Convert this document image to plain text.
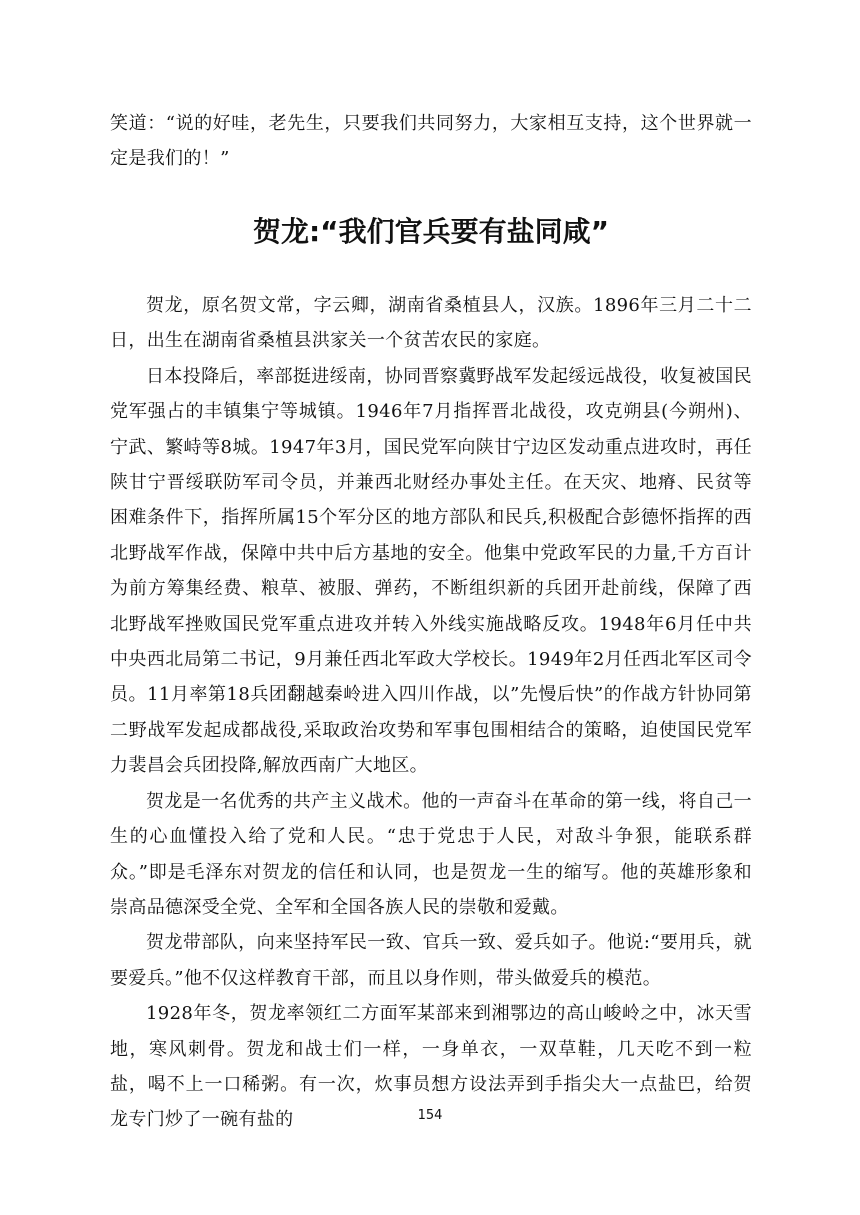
笑道：“说的好哇，老先生，只要我们共同努力，大家相互支持，这个世界就一定是我们的！”
贺龙:“我们官兵要有盐同咸”

贺龙，原名贺文常，字云卿，湖南省桑植县人，汉族。1896年三月二十二日，出生在湖南省桑植县洪家关一个贫苦农民的家庭。

日本投降后，率部挺进绥南，协同晋察冀野战军发起绥远战役，收复被国民党军强占的丰镇集宁等城镇。1946年7月指挥晋北战役，攻克朔县(今朔州)、宁武、繁峙等8城。1947年3月，国民党军向陕甘宁边区发动重点进攻时，再任陕甘宁晋绥联防军司令员，并兼西北财经办事处主任。在天灾、地瘠、民贫等困难条件下，指挥所属15个军分区的地方部队和民兵,积极配合彭德怀指挥的西北野战军作战，保障中共中后方基地的安全。他集中党政军民的力量,千方百计为前方筹集经费、粮草、被服、弹药，不断组织新的兵团开赴前线，保障了西北野战军挫败国民党军重点进攻并转入外线实施战略反攻。1948年6月任中共中央西北局第二书记，9月兼任西北军政大学校长。1949年2月任西北军区司令员。11月率第18兵团翻越秦岭进入四川作战，以”先慢后快”的作战方针协同第二野战军发起成都战役,采取政治攻势和军事包围相结合的策略，迫使国民党军力裴昌会兵团投降,解放西南广大地区。

贺龙是一名优秀的共产主义战术。他的一声奋斗在革命的第一线，将自己一生的心血懂投入给了党和人民。“忠于党忠于人民，对敌斗争狠，能联系群众。”即是毛泽东对贺龙的信任和认同，也是贺龙一生的缩写。他的英雄形象和崇高品德深受全党、全军和全国各族人民的崇敬和爱戴。

贺龙带部队，向来坚持军民一致、官兵一致、爱兵如子。他说:“要用兵，就要爱兵。”他不仅这样教育干部，而且以身作则，带头做爱兵的模范。

1928年冬，贺龙率领红二方面军某部来到湘鄂边的高山峻岭之中，冰天雪地，寒风刺骨。贺龙和战士们一样，一身单衣，一双草鞋，几天吃不到一粒盐，喝不上一口稀粥。有一次，炊事员想方设法弄到手指尖大一点盐巴，给贺龙专门炒了一碗有盐的	154
